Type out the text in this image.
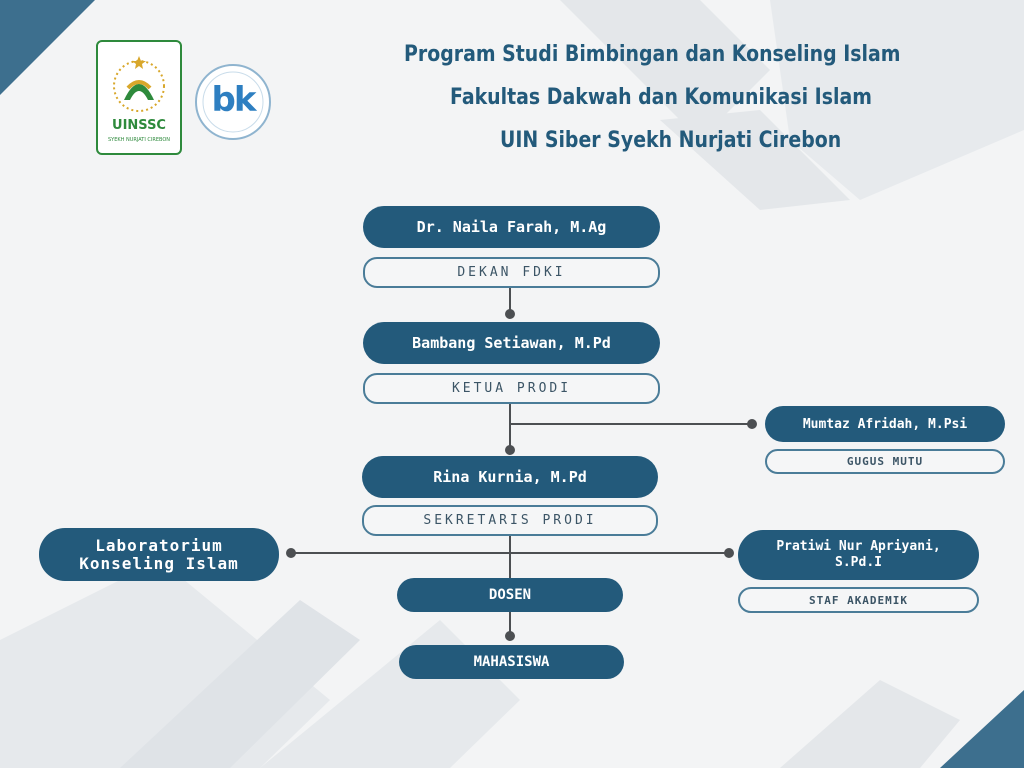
UINSSC
SYEKH NURJATI CIREBON
bk
Program Studi Bimbingan dan Konseling Islam
Fakultas Dakwah dan Komunikasi Islam
UIN Siber Syekh Nurjati Cirebon
Dr. Naila Farah, M.Ag
DEKAN FDKI
Bambang Setiawan, M.Pd
KETUA PRODI
Mumtaz Afridah, M.Psi
GUGUS MUTU
Rina Kurnia, M.Pd
SEKRETARIS PRODI
Laboratorium
Konseling Islam
Pratiwi Nur Apriyani,
S.Pd.I
STAF AKADEMIK
DOSEN
MAHASISWA
